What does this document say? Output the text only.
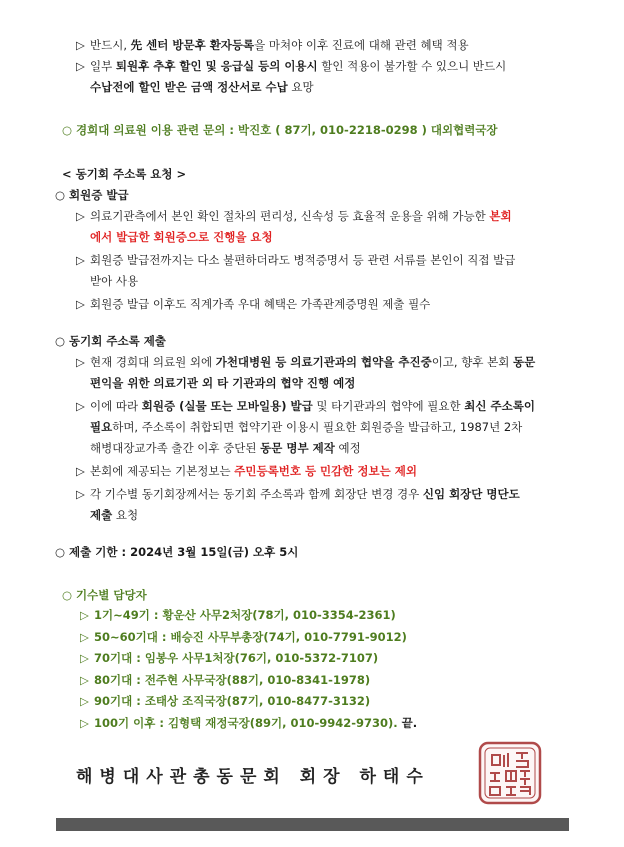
▷ 반드시, 先 센터 방문후 환자등록을 마쳐야 이후 진료에 대해 관련 혜택 적용
▷ 일부 퇴원후 추후 할인 및 응급실 등의 이용시 할인 적용이 불가할 수 있으니 반드시
수납전에 할인 받은 금액 정산서로 수납 요망
○ 경희대 의료원 이용 관련 문의 : 박진호 ( 87기, 010-2218-0298 ) 대외협력국장
< 동기회 주소록 요청 >
○ 회원증 발급
▷ 의료기관측에서 본인 확인 절차의 편리성, 신속성 등 효율적 운용을 위해 가능한 본회
에서 발급한 회원증으로 진행을 요청
▷ 회원증 발급전까지는 다소 불편하더라도 병적증명서 등 관련 서류를 본인이 직접 발급
받아 사용
▷ 회원증 발급 이후도 직계가족 우대 혜택은 가족관계증명원 제출 필수
○ 동기회 주소록 제출
▷ 현재 경희대 의료원 외에 가천대병원 등 의료기관과의 협약을 추진중이고, 향후 본회 동문
편익을 위한 의료기관 외 타 기관과의 협약 진행 예정
▷ 이에 따라 회원증 (실물 또는 모바일용) 발급 및 타기관과의 협약에 필요한 최신 주소록이
필요하며, 주소록이 취합되면 협약기관 이용시 필요한 회원증을 발급하고, 1987년 2차
해병대장교가족 출간 이후 중단된 동문 명부 제작 예정
▷ 본회에 제공되는 기본정보는 주민등록번호 등 민감한 정보는 제외
▷ 각 기수별 동기회장께서는 동기회 주소록과 함께 회장단 변경 경우 신임 회장단 명단도
제출 요청
○ 제출 기한 : 2024년 3월 15일(금) 오후 5시
○ 기수별 담당자
▷ 1기~49기 : 황운산 사무2처장(78기, 010-3354-2361)
▷ 50~60기대 : 배승진 사무부총장(74기, 010-7791-9012)
▷ 70기대 : 임봉우 사무1처장(76기, 010-5372-7107)
▷ 80기대 : 전주현 사무국장(88기, 010-8341-1978)
▷ 90기대 : 조태상 조직국장(87기, 010-8477-3132)
▷ 100기 이후 : 김형택 재정국장(89기, 010-9942-9730). 끝.
해병대사관총동문회 회장 하태수
